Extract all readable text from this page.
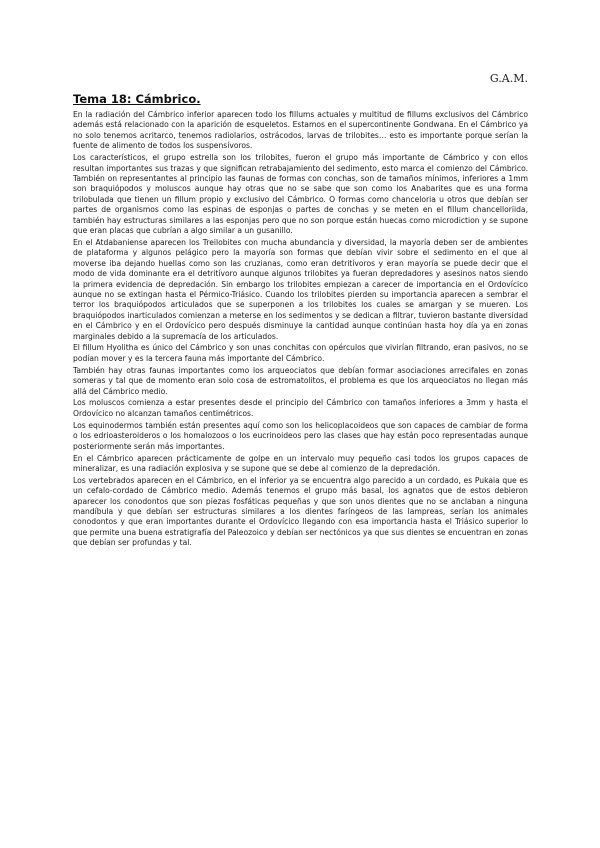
G.A.M.
Tema 18: Cámbrico.

En la radiación del Cámbrico inferior aparecen todo los fillums actuales y multitud de fillums exclusivos del Cámbrico además está relacionado con la aparición de esqueletos. Estamos en el supercontinente Gondwana. En el Cámbrico ya no solo tenemos acritarco, tenemos radiolarios, ostrácodos, larvas de trilobites… esto es importante porque serían la fuente de alimento de todos los suspensívoros.

Los característicos, el grupo estrella son los trilobites, fueron el grupo más importante de Cámbrico y con ellos resultan importantes sus trazas y que significan retrabajamiento del sedimento, esto marca el comienzo del Cámbrico. También on representantes al principio las faunas de formas con conchas, son de tamaños mínimos, inferiores a 1mm son braquiópodos y moluscos aunque hay otras que no se sabe que son como los Anabarites que es una forma trilobulada que tienen un fillum propio y exclusivo del Cámbrico. O formas como chanceloria u otros que debían ser partes de organismos como las espinas de esponjas o partes de conchas y se meten en el fillum chancelloriida, también hay estructuras similares a las esponjas pero que no son porque están huecas como microdiction y se supone que eran placas que cubrían a algo similar a un gusanillo.

En el Atdabaniense aparecen los Treilobites con mucha abundancia y diversidad, la mayoría deben ser de ambientes de plataforma y algunos pelágico pero la mayoría son formas que debían vivir sobre el sedimento en el que al moverse iba dejando huellas como son las cruzianas, como eran detritívoros y eran mayoría se puede decir que el modo de vida dominante era el detritívoro aunque algunos trilobites ya fueran depredadores y asesinos natos siendo la primera evidencia de depredación. Sin embargo los trilobites empiezan a carecer de importancia en el Ordovícico aunque no se extingan hasta el Pérmico-Triásico. Cuando los trilobites pierden su importancia aparecen a sembrar el terror los braquiópodos articulados que se superponen a los trilobites los cuales se amargan y se mueren. Los braquiópodos inarticulados comienzan a meterse en los sedimentos y se dedican a filtrar, tuvieron bastante diversidad en el Cámbrico y en el Ordovícico pero después disminuye la cantidad aunque continúan hasta hoy día ya en zonas marginales debido a la supremacía de los articulados.

El fillum Hyolitha es único del Cámbrico y son unas conchitas con opérculos que vivirían filtrando, eran pasivos, no se podían mover y es la tercera fauna más importante del Cámbrico.

También hay otras faunas importantes como los arqueociatos que debían formar asociaciones arrecifales en zonas someras y tal que de momento eran solo cosa de estromatolitos, el problema es que los arqueociatos no llegan más allá del Cámbrico medio.

Los moluscos comienza a estar presentes desde el principio del Cámbrico con tamaños inferiores a 3mm y hasta el Ordovícico no alcanzan tamaños centimétricos.

Los equinodermos también están presentes aquí como son los helicoplacoideos que son capaces de cambiar de forma o los edrioasteroideros o los homalozoos o los eucrinoideos pero las clases que hay están poco representadas aunque posteriormente serán más importantes.

En el Cámbrico aparecen prácticamente de golpe en un intervalo muy pequeño casi todos los grupos capaces de mineralizar, es una radiación explosiva y se supone que se debe al comienzo de la depredación.

Los vertebrados aparecen en el Cámbrico, en el inferior ya se encuentra algo parecido a un cordado, es Pukaia que es un cefalo-cordado de Cámbrico medio. Además tenemos el grupo más basal, los agnatos que de estos debieron aparecer los conodontos que son piezas fosfáticas pequeñas y que son unos dientes que no se anclaban a ninguna mandíbula y que debían ser estructuras similares a los dientes faríngeos de las lampreas, serían los animales conodontos y que eran importantes durante el Ordovícico llegando con esa importancia hasta el Triásico superior lo que permite una buena estratigrafía del Paleozoico y debían ser nectónicos ya que sus dientes se encuentran en zonas que debían ser profundas y tal.
